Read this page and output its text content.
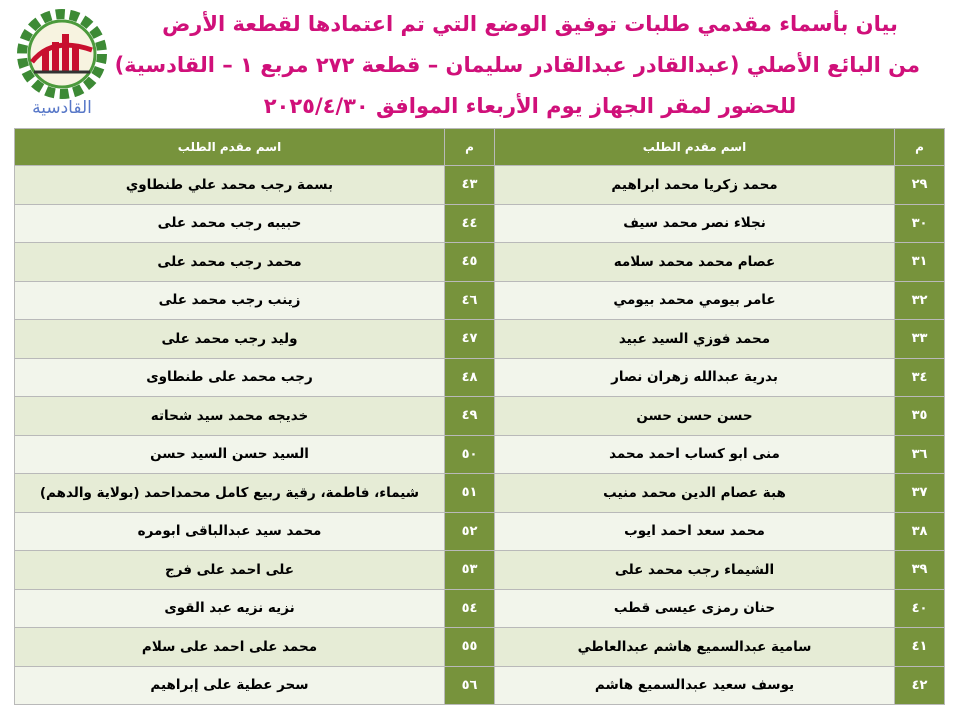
بيان بأسماء مقدمي طلبات توفيق الوضع التي تم اعتمادها لقطعة الأرض
من البائع الأصلي (عبدالقادر عبدالقادر سليمان – قطعة ٢٧٢ مربع ١ – القادسية)
للحضور لمقر الجهاز يوم الأربعاء الموافق ٢٠٢٥/٤/٣٠
القادسية
م	اسم مقدم الطلب	م	اسم مقدم الطلب
٢٩	محمد زكريا محمد ابراهيم	٤٣	بسمة رجب محمد علي طنطاوي
٣٠	نجلاء نصر محمد سيف	٤٤	حبيبه رجب محمد على
٣١	عصام محمد محمد سلامه	٤٥	محمد رجب محمد على
٣٢	عامر بيومي محمد بيومي	٤٦	زينب رجب محمد على
٣٣	محمد فوزي السيد عبيد	٤٧	وليد رجب محمد على
٣٤	بدرية عبدالله زهران نصار	٤٨	رجب محمد على طنطاوى
٣٥	حسن حسن حسن	٤٩	خديجه محمد سيد شحاته
٣٦	منى ابو كساب احمد محمد	٥٠	السيد حسن السيد حسن
٣٧	هبة عصام الدين محمد منيب	٥١	شيماء، فاطمة، رقية ربيع كامل محمداحمد (بولاية والدهم)
٣٨	محمد سعد احمد ايوب	٥٢	محمد سيد عبدالباقى ابومره
٣٩	الشيماء رجب محمد على	٥٣	على احمد على فرج
٤٠	حنان رمزى عيسى قطب	٥٤	نزيه نزيه عبد القوى
٤١	سامية عبدالسميع هاشم عبدالعاطي	٥٥	محمد على احمد على سلام
٤٢	يوسف سعيد عبدالسميع هاشم	٥٦	سحر عطية على إبراهيم
